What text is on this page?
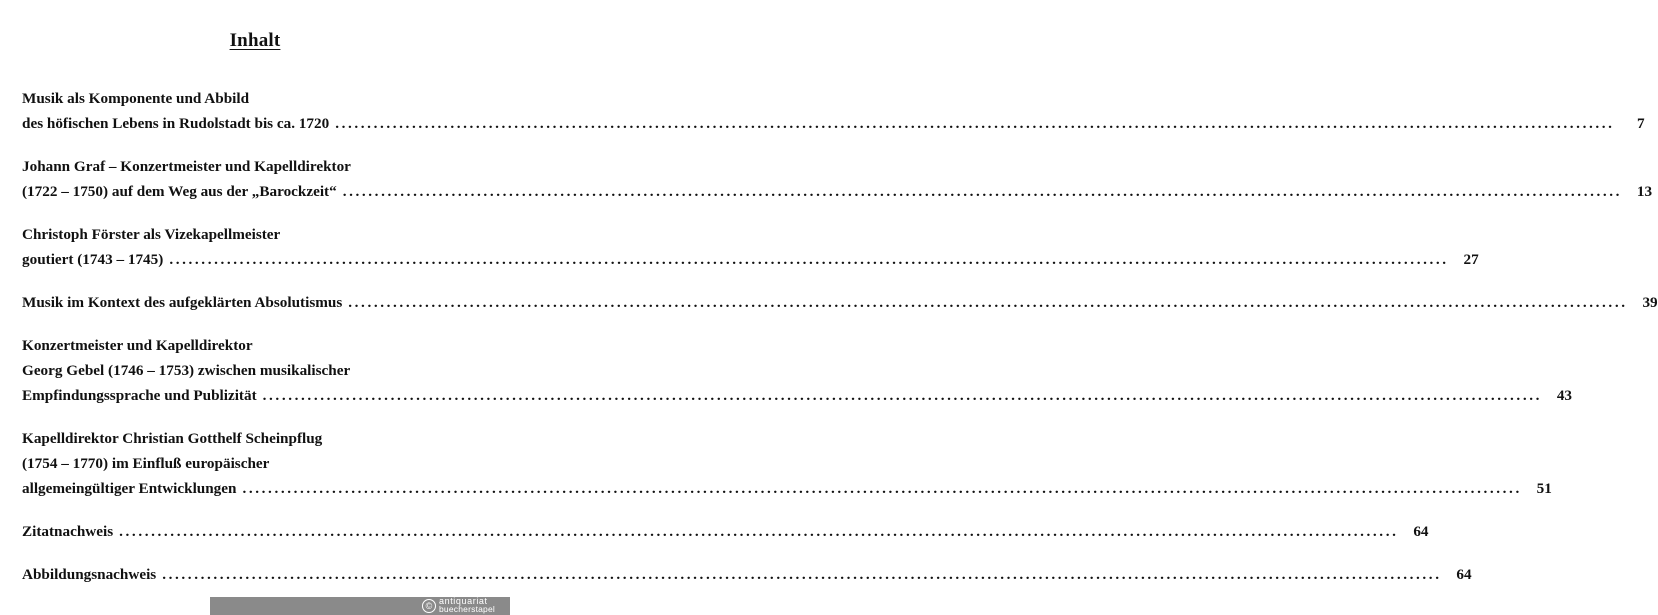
Inhalt
Musik als Komponente und Abbild
des höfischen Lebens in Rudolstadt bis ca. 1720 ........................................................................................................................................................................................................	7
Johann Graf – Konzertmeister und Kapelldirektor
(1722 – 1750) auf dem Weg aus der „Barockzeit“ ........................................................................................................................................................................................................ 13
Christoph Förster als Vizekapellmeister
goutiert (1743 – 1745) ........................................................................................................................................................................................................ 27
Musik im Kontext des aufgeklärten Absolutismus ........................................................................................................................................................................................................ 39
Konzertmeister und Kapelldirektor
Georg Gebel (1746 – 1753) zwischen musikalischer
Empfindungssprache und Publizität ........................................................................................................................................................................................................ 43
Kapelldirektor Christian Gotthelf Scheinpflug
(1754 – 1770) im Einfluß europäischer
allgemeingültiger Entwicklungen ........................................................................................................................................................................................................ 51
Zitatnachweis ........................................................................................................................................................................................................ 64
Abbildungsnachweis ........................................................................................................................................................................................................ 64
© antiquariat
buecherstapel
